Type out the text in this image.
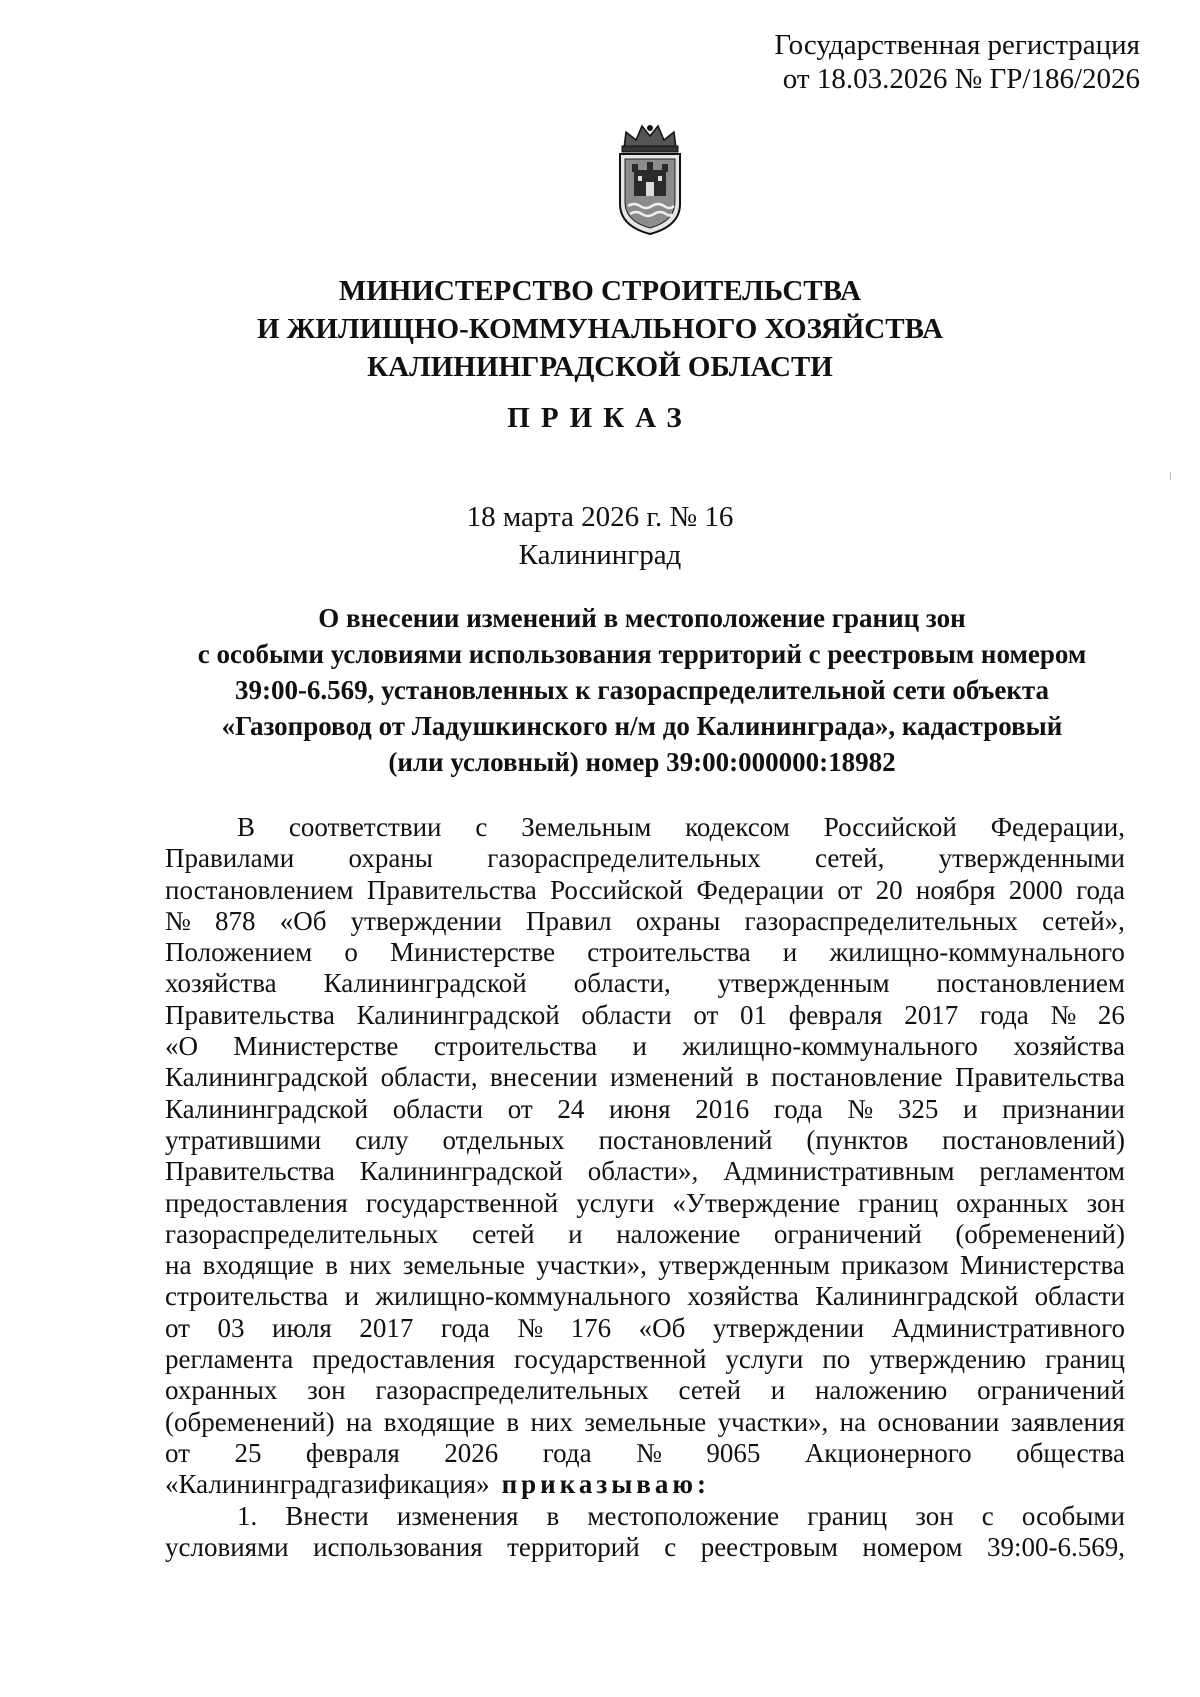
Государственная регистрация
от 18.03.2026 № ГР/186/2026
МИНИСТЕРСТВО СТРОИТЕЛЬСТВА
И ЖИЛИЩНО-КОММУНАЛЬНОГО ХОЗЯЙСТВА
КАЛИНИНГРАДСКОЙ ОБЛАСТИ
ПРИКАЗ
18 марта 2026 г. № 16
Калининград
О внесении изменений в местоположение границ зон
с особыми условиями использования территорий с реестровым номером
39:00-6.569, установленных к газораспределительной сети объекта
«Газопровод от Ладушкинского н/м до Калининграда», кадастровый
(или условный) номер 39:00:000000:18982
В соответствии с Земельным кодексом Российской Федерации,
Правилами охраны газораспределительных сетей, утвержденными
постановлением Правительства Российской Федерации от 20 ноября 2000 года
№ 878 «Об утверждении Правил охраны газораспределительных сетей»,
Положением о Министерстве строительства и жилищно-коммунального
хозяйства Калининградской области, утвержденным постановлением
Правительства Калининградской области от 01 февраля 2017 года № 26
«О Министерстве строительства и жилищно-коммунального хозяйства
Калининградской области, внесении изменений в постановление Правительства
Калининградской области от 24 июня 2016 года № 325 и признании
утратившими силу отдельных постановлений (пунктов постановлений)
Правительства Калининградской области», Административным регламентом
предоставления государственной услуги «Утверждение границ охранных зон
газораспределительных сетей и наложение ограничений (обременений)
на входящие в них земельные участки», утвержденным приказом Министерства
строительства и жилищно-коммунального хозяйства Калининградской области
от 03 июля 2017 года № 176 «Об утверждении Административного
регламента предоставления государственной услуги по утверждению границ
охранных зон газораспределительных сетей и наложению ограничений
(обременений) на входящие в них земельные участки», на основании заявления
от 25 февраля 2026 года № 9065 Акционерного общества
«Калининградгазификация» приказываю:
1. Внести изменения в местоположение границ зон с особыми
условиями использования территорий с реестровым номером 39:00-6.569,
